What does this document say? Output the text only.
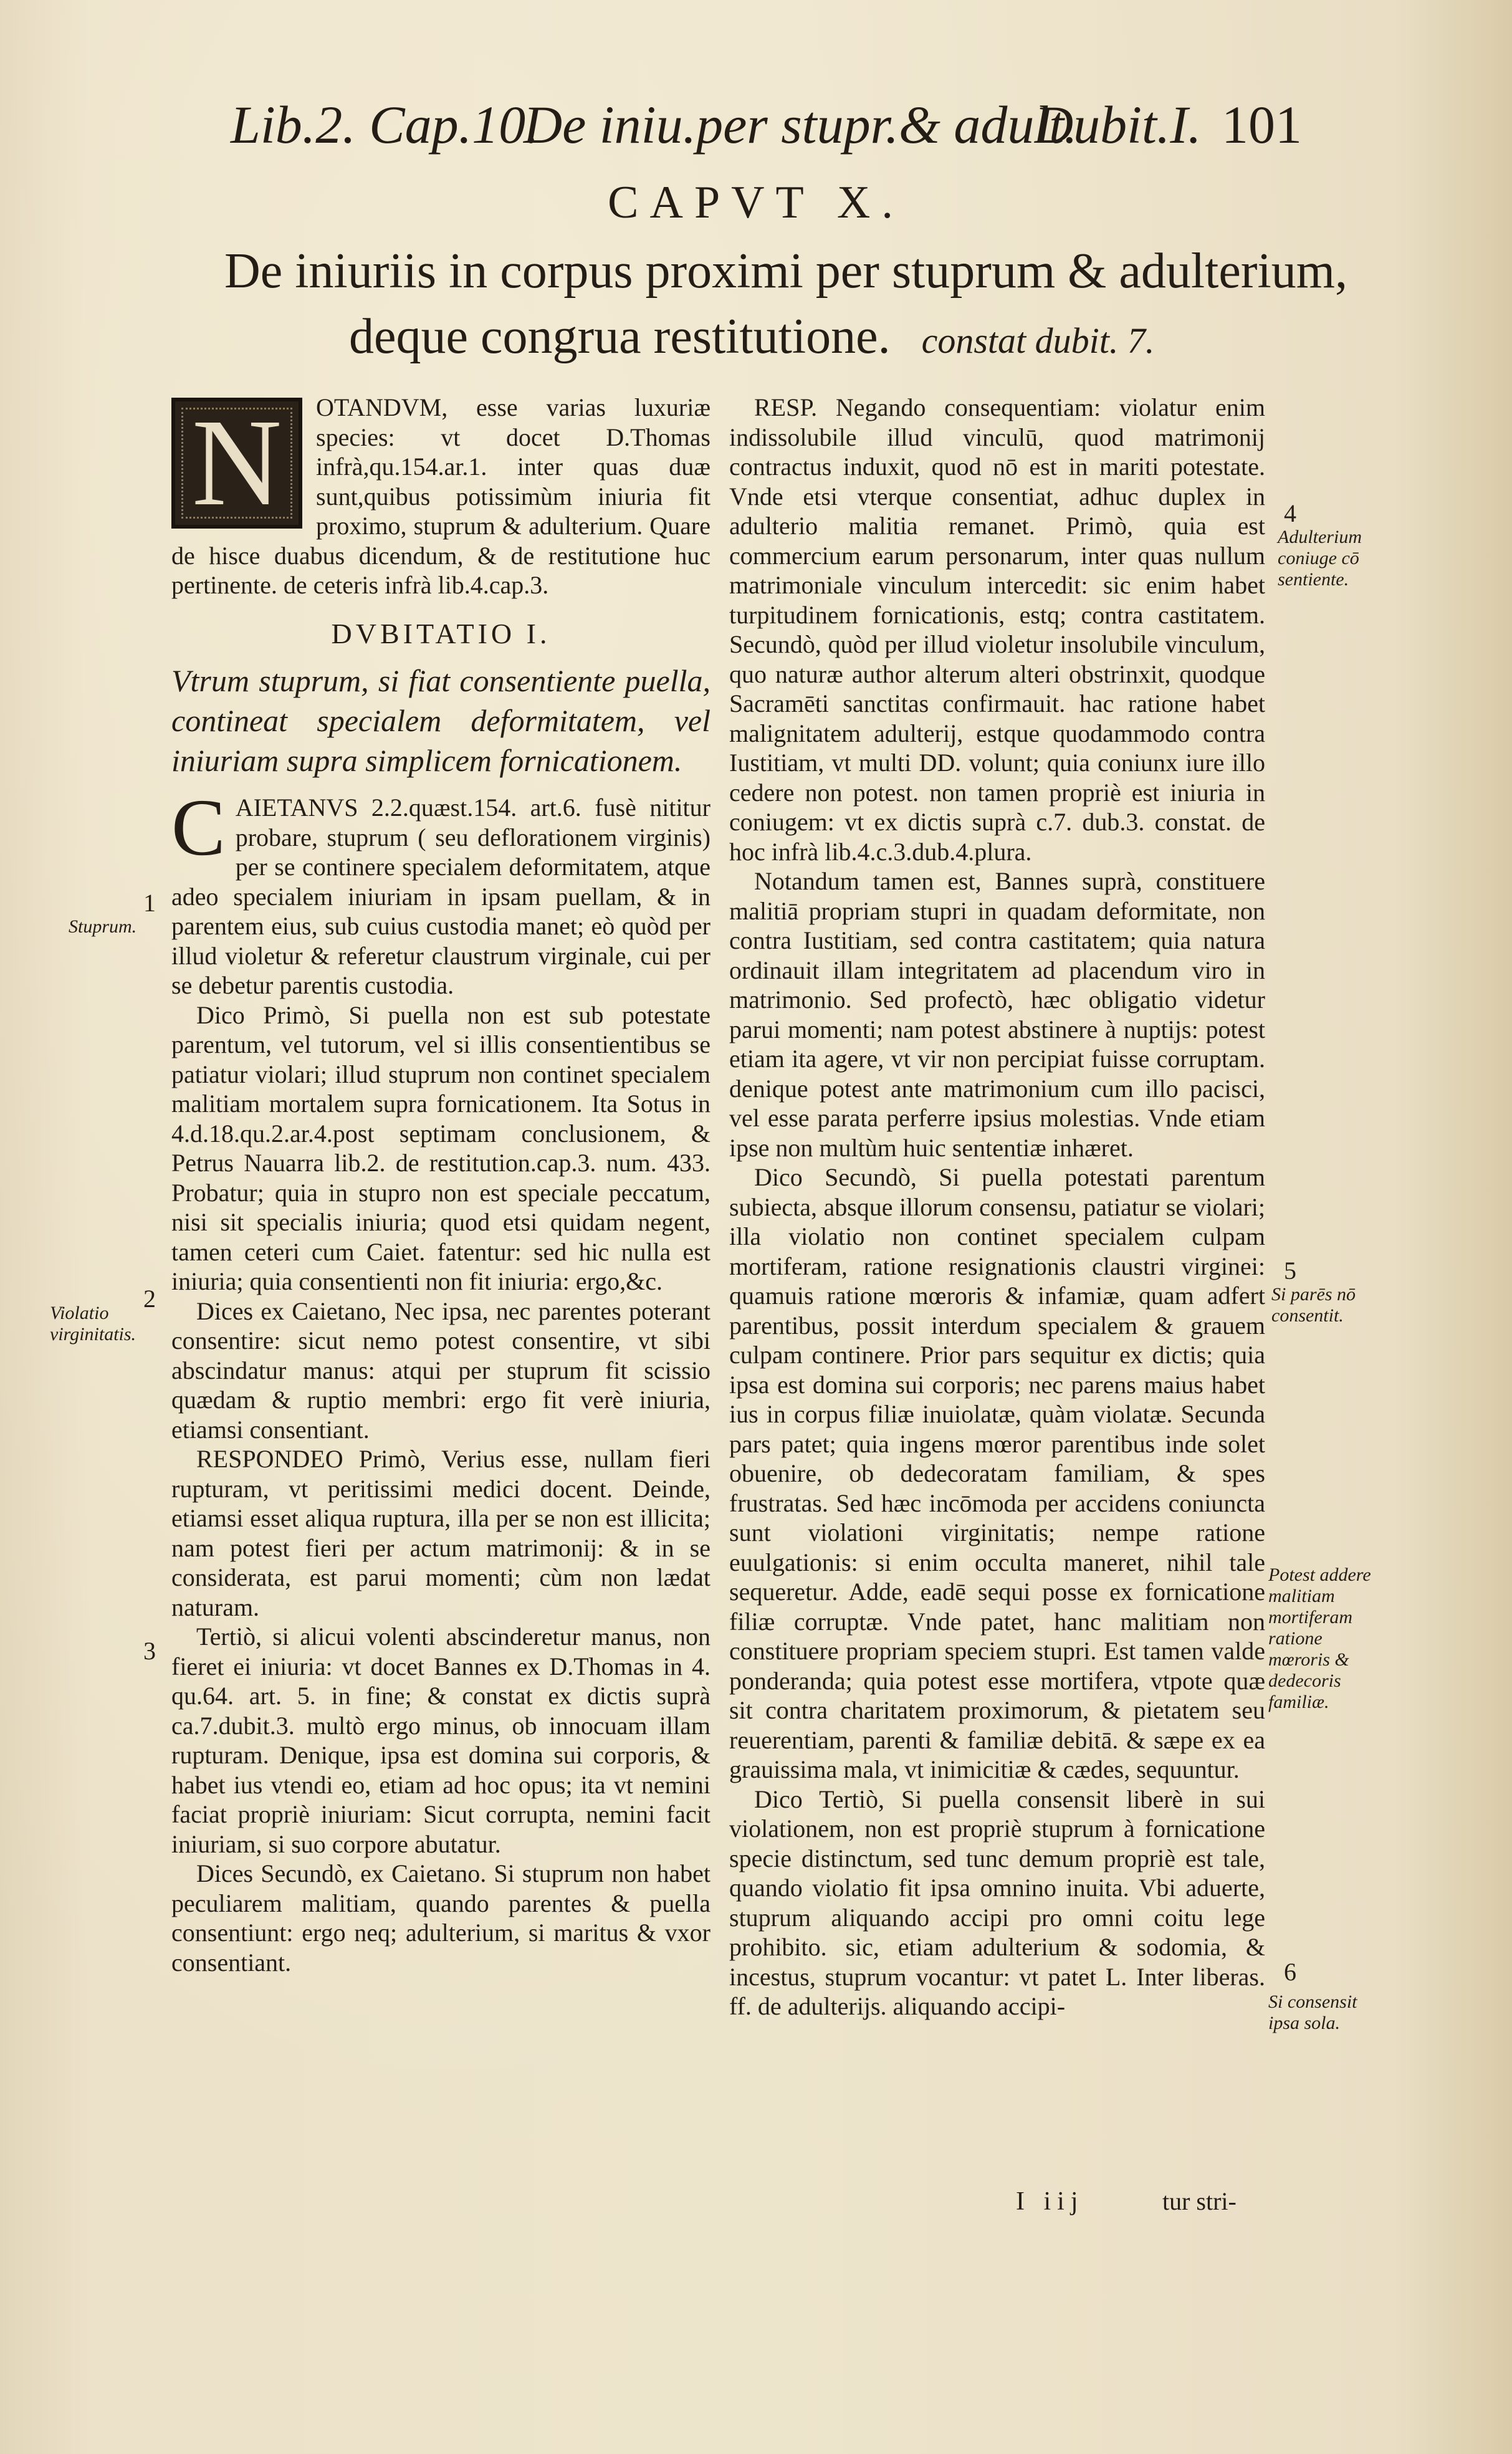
Lib.2. Cap.10.
De iniu.per stupr.& adult.
Dubit.I. 101
CAPVT X.
De iniuriis in corpus proximi per stuprum & adulterium,
deque congrua restitutione. constat dubit. 7.
N	OTANDVM, esse varias luxuriæ species: vt docet D.Thomas infrà,qu.154.ar.1. inter quas duæ sunt,quibus potissimùm iniuria fit proximo, stuprum & adulterium. Quare de hisce duabus dicendum, & de restitutione huc pertinente. de ceteris infrà lib.4.cap.3.

DVBITATIO I.
Vtrum stuprum, si fiat consentiente puella, contineat specialem deformitatem, vel iniuriam supra simplicem fornicationem.
C AIETANVS 2.2.quæst.154. art.6. fusè nititur probare, stuprum ( seu deflorationem virginis) per se continere specialem deformitatem, atque adeo specialem iniuriam in ipsam puellam, & in parentem eius, sub cuius custodia manet; eò quòd per illud violetur & referetur claustrum virginale, cui per se debetur parentis custodia.

Dico Primò, Si puella non est sub potestate parentum, vel tutorum, vel si illis consentientibus se patiatur violari; illud stuprum non continet specialem malitiam mortalem supra fornicationem. Ita Sotus in 4.d.18.qu.2.ar.4.post septimam conclusionem, & Petrus Nauarra lib.2. de restitution.cap.3. num. 433. Probatur; quia in stupro non est speciale peccatum, nisi sit specialis iniuria; quod etsi quidam negent, tamen ceteri cum Caiet. fatentur: sed hic nulla est iniuria; quia consentienti non fit iniuria: ergo,&c.

Dices ex Caietano, Nec ipsa, nec parentes poterant consentire: sicut nemo potest consentire, vt sibi abscindatur manus: atqui per stuprum fit scissio quædam & ruptio membri: ergo fit verè iniuria, etiamsi consentiant.

RESPONDEO Primò, Verius esse, nullam fieri rupturam, vt peritissimi medici docent. Deinde, etiamsi esset aliqua ruptura, illa per se non est illicita; nam potest fieri per actum matrimonij: & in se considerata, est parui momenti; cùm non lædat naturam.

Tertiò, si alicui volenti abscinderetur manus, non fieret ei iniuria: vt docet Bannes ex D.Thomas in 4. qu.64. art. 5. in fine; & constat ex dictis suprà ca.7.dubit.3. multò ergo minus, ob innocuam illam rupturam. Denique, ipsa est domina sui corporis, & habet ius vtendi eo, etiam ad hoc opus; ita vt nemini faciat propriè iniuriam: Sicut corrupta, nemini facit iniuriam, si suo corpore abutatur.

Dices Secundò, ex Caietano. Si stuprum non habet peculiarem malitiam, quando parentes & puella consentiunt: ergo neq; adulterium, si maritus & vxor consentiant.

RESP. Negando consequentiam: violatur enim indissolubile illud vinculū, quod matrimonij contractus induxit, quod nō est in mariti potestate. Vnde etsi vterque consentiat, adhuc duplex in adulterio malitia remanet. Primò, quia est commercium earum personarum, inter quas nullum matrimoniale vinculum intercedit: sic enim habet turpitudinem fornicationis, estq; contra castitatem. Secundò, quòd per illud violetur insolubile vinculum, quo naturæ author alterum alteri obstrinxit, quodque Sacramēti sanctitas confirmauit. hac ratione habet malignitatem adulterij, estque quodammodo contra Iustitiam, vt multi DD. volunt; quia coniunx iure illo cedere non potest. non tamen propriè est iniuria in coniugem: vt ex dictis suprà c.7. dub.3. constat. de hoc infrà lib.4.c.3.dub.4.plura.

Notandum tamen est, Bannes suprà, constituere malitiā propriam stupri in quadam deformitate, non contra Iustitiam, sed contra castitatem; quia natura ordinauit illam integritatem ad placendum viro in matrimonio. Sed profectò, hæc obligatio videtur parui momenti; nam potest abstinere à nuptijs: potest etiam ita agere, vt vir non percipiat fuisse corruptam. denique potest ante matrimonium cum illo pacisci, vel esse parata perferre ipsius molestias. Vnde etiam ipse non multùm huic sententiæ inhæret.

Dico Secundò, Si puella potestati parentum subiecta, absque illorum consensu, patiatur se violari; illa violatio non continet specialem culpam mortiferam, ratione resignationis claustri virginei: quamuis ratione mœroris & infamiæ, quam adfert parentibus, possit interdum specialem & grauem culpam continere. Prior pars sequitur ex dictis; quia ipsa est domina sui corporis; nec parens maius habet ius in corpus filiæ inuiolatæ, quàm violatæ. Secunda pars patet; quia ingens mœror parentibus inde solet obuenire, ob dedecoratam familiam, & spes frustratas. Sed hæc incōmoda per accidens coniuncta sunt violationi virginitatis; nempe ratione euulgationis: si enim occulta maneret, nihil tale sequeretur. Adde, eadē sequi posse ex fornicatione filiæ corruptæ. Vnde patet, hanc malitiam non constituere propriam speciem stupri. Est tamen valde ponderanda; quia potest esse mortifera, vtpote quæ sit contra charitatem proximorum, & pietatem seu reuerentiam, parenti & familiæ debitā. & sæpe ex ea grauissima mala, vt inimicitiæ & cædes, sequuntur.

Dico Tertiò, Si puella consensit liberè in sui violationem, non est propriè stuprum à fornicatione specie distinctum, sed tunc demum propriè est tale, quando violatio fit ipsa omnino inuita. Vbi aduerte, stuprum aliquando accipi pro omni coitu lege prohibito. sic, etiam adulterium & sodomia, & incestus, stuprum vocantur: vt patet L. Inter liberas. ff. de adulterijs. aliquando accipi-

1
Stuprum.
2
Violatio virginitatis.
3
4
Adulterium coniuge cō sentiente.
5
Si parēs nō consentit.
Potest addere malitiam mortiferam ratione mœroris & dedecoris familiæ.
6
Si consensit ipsa sola.
I iij	tur stri-
